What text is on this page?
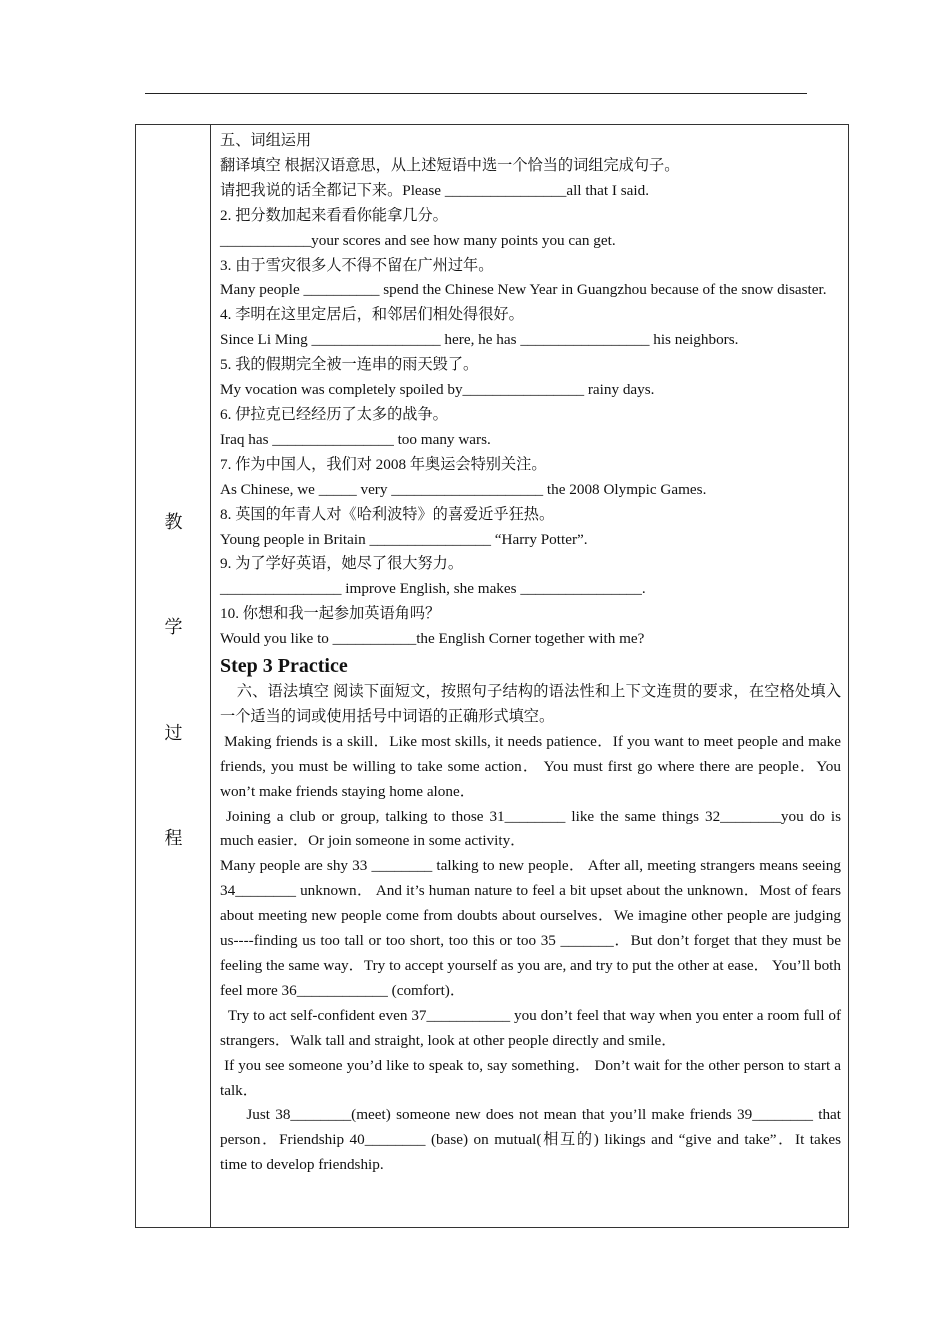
教
学
过
程

五、词组运用

翻译填空 根据汉语意思，从上述短语中选一个恰当的词组完成句子。

请把我说的话全都记下来。Please ________________all that I said.

2. 把分数加起来看看你能拿几分。

____________your scores and see how many points you can get.

3. 由于雪灾很多人不得不留在广州过年。

Many people __________ spend the Chinese New Year in Guangzhou because of the snow disaster.

4. 李明在这里定居后，和邻居们相处得很好。

Since Li Ming _________________ here, he has _________________ his neighbors.

5. 我的假期完全被一连串的雨天毁了。

My vocation was completely spoiled by________________ rainy days.

6. 伊拉克已经经历了太多的战争。

Iraq has ________________ too many wars.

7. 作为中国人，我们对 2008 年奥运会特别关注。

As Chinese, we _____ very ____________________ the 2008 Olympic Games.

8. 英国的年青人对《哈利波特》的喜爱近乎狂热。

Young people in Britain ________________ “Harry Potter”.

9. 为了学好英语，她尽了很大努力。

________________ improve English, she makes ________________.

10. 你想和我一起参加英语角吗？

Would you like to ___________the English Corner together with me?

Step 3 Practice

六、语法填空 阅读下面短文，按照句子结构的语法性和上下文连贯的要求，在空格处填入一个适当的词或使用括号中词语的正确形式填空。

Making friends is a skill．Like most skills, it needs patience．If you want to meet people and make friends, you must be willing to take some action． You must first go where there are people．You won’t make friends staying home alone．

Joining a club or group, talking to those 31________ like the same things 32________you do is much easier．Or join someone in some activity．

Many people are shy 33 ________ talking to new people． After all, meeting strangers means seeing 34________ unknown． And it’s human nature to feel a bit upset about the unknown．Most of fears about meeting new people come from doubts about ourselves．We imagine other people are judging us----finding us too tall or too short, too this or too 35 _______．But don’t forget that they must be feeling the same way．Try to accept yourself as you are, and try to put the other at ease． You’ll both feel more 36____________ (comfort)．

Try to act self-confident even 37___________ you don’t feel that way when you enter a room full of strangers．Walk tall and straight, look at other people directly and smile．

If you see someone you’d like to speak to, say something． Don’t wait for the other person to start a talk．

Just 38________(meet) someone new does not mean that you’ll make friends 39________ that person．Friendship 40________ (base) on mutual(相互的) likings and “give and take”．It takes time to develop friendship.
